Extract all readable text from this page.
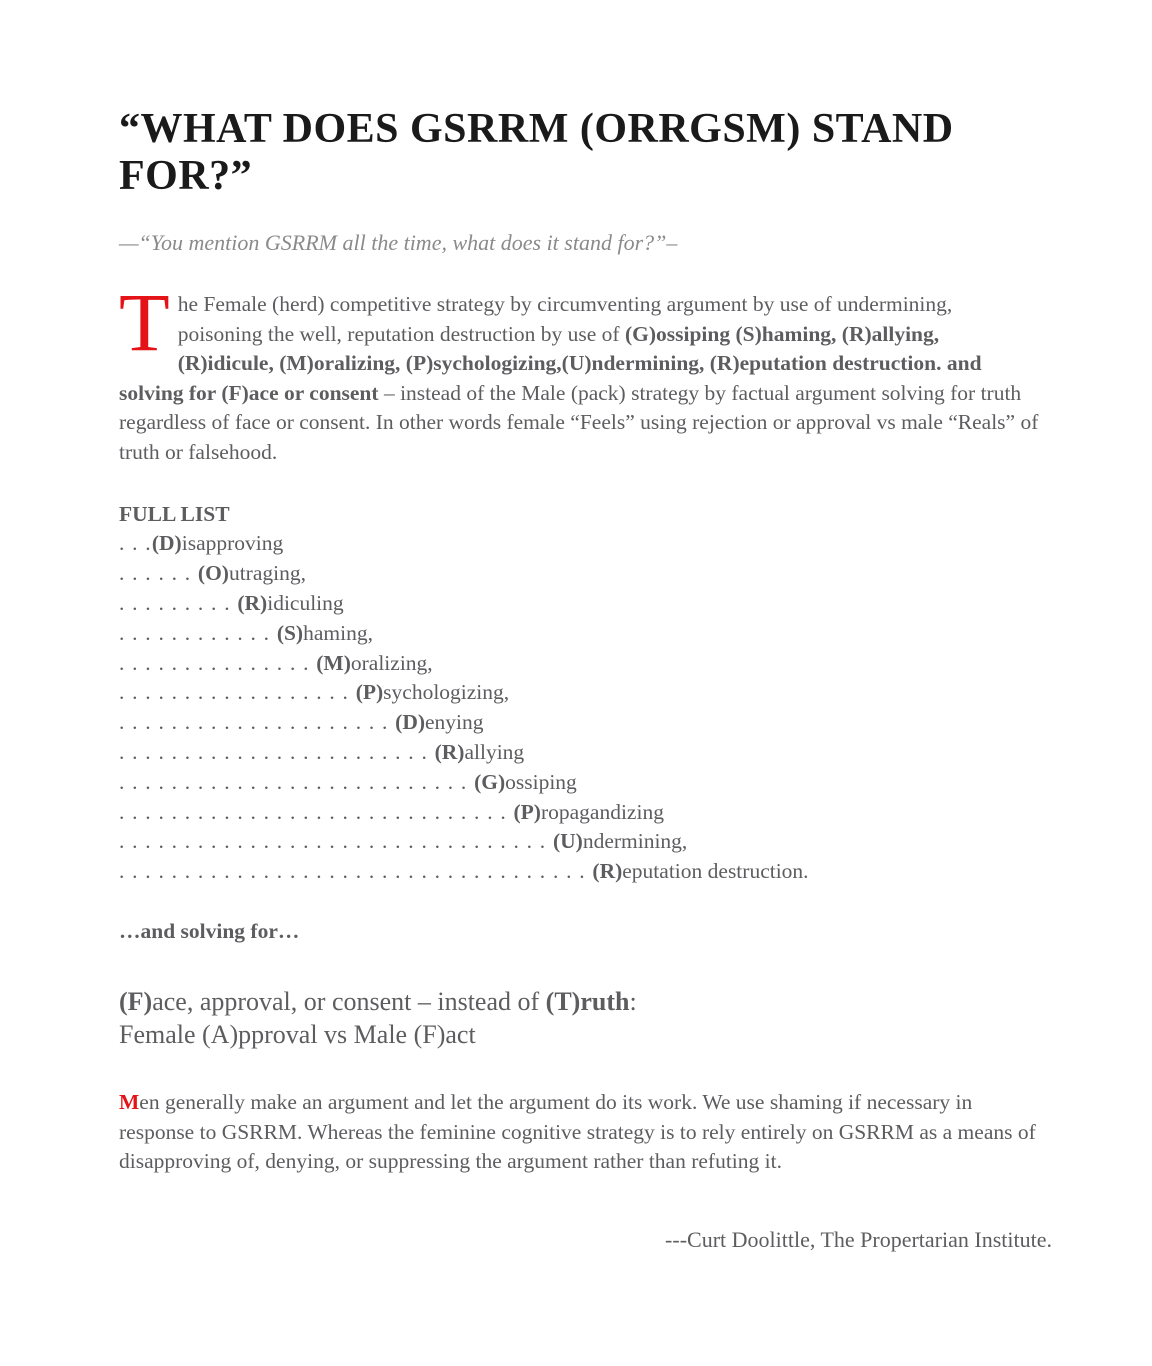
“WHAT DOES GSRRM (ORRGSM) STAND FOR?”

—“You mention GSRRM all the time, what does it stand for?”–

The Female (herd) competitive strategy by circumventing argument by use of undermining, poisoning the well, reputation destruction by use of (G)ossiping (S)haming, (R)allying, (R)idicule, (M)oralizing, (P)sychologizing,(U)ndermining, (R)eputation destruction. and solving for (F)ace or consent – instead of the Male (pack) strategy by factual argument solving for truth regardless of face or consent. In other words female “Feels” using rejection or approval vs male “Reals” of truth or falsehood.

FULL LIST

. . .(D)isapproving
. . . . . . (O)utraging,
. . . . . . . . . (R)idiculing
. . . . . . . . . . . . (S)haming,
. . . . . . . . . . . . . . . (M)oralizing,
. . . . . . . . . . . . . . . . . . (P)sychologizing,
. . . . . . . . . . . . . . . . . . . . . (D)enying
. . . . . . . . . . . . . . . . . . . . . . . . (R)allying
. . . . . . . . . . . . . . . . . . . . . . . . . . . (G)ossiping
. . . . . . . . . . . . . . . . . . . . . . . . . . . . . . (P)ropagandizing
. . . . . . . . . . . . . . . . . . . . . . . . . . . . . . . . . (U)ndermining,
. . . . . . . . . . . . . . . . . . . . . . . . . . . . . . . . . . . . (R)eputation destruction.

…and solving for…

(F)ace, approval, or consent – instead of (T)ruth:

Female (A)pproval vs Male (F)act

Men generally make an argument and let the argument do its work. We use shaming if necessary in response to GSRRM. Whereas the feminine cognitive strategy is to rely entirely on GSRRM as a means of disapproving of, denying, or suppressing the argument rather than refuting it.

---Curt Doolittle, The Propertarian Institute.
